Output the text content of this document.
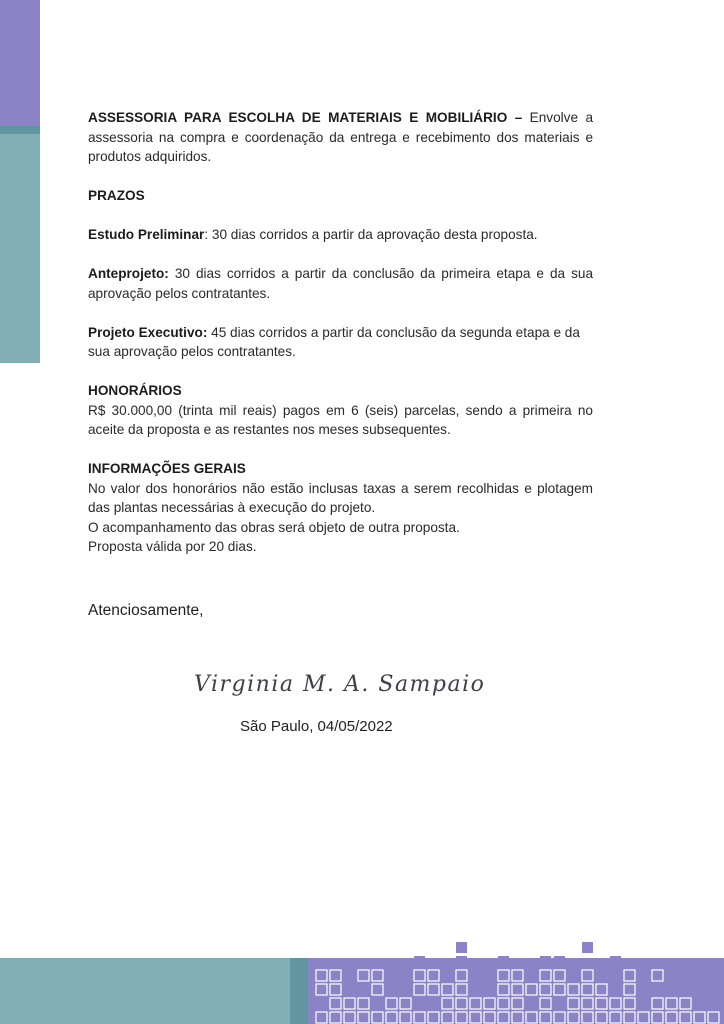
ASSESSORIA PARA ESCOLHA DE MATERIAIS E MOBILIÁRIO – Envolve a assessoria na compra e coordenação da entrega e recebimento dos materiais e produtos adquiridos.

PRAZOS

Estudo Preliminar: 30 dias corridos a partir da aprovação desta proposta.

Anteprojeto: 30 dias corridos a partir da conclusão da primeira etapa e da sua aprovação pelos contratantes.

Projeto Executivo: 45 dias corridos a partir da conclusão da segunda etapa e da sua aprovação pelos contratantes.

HONORÁRIOS

R$ 30.000,00 (trinta mil reais) pagos em 6 (seis) parcelas, sendo a primeira no aceite da proposta e as restantes nos meses subsequentes.

INFORMAÇÕES GERAIS

No valor dos honorários não estão inclusas taxas a serem recolhidas e plotagem das plantas necessárias à execução do projeto.

O acompanhamento das obras será objeto de outra proposta.

Proposta válida por 20 dias.

Atenciosamente,
Virginia M. A. Sampaio
São Paulo, 04/05/2022
